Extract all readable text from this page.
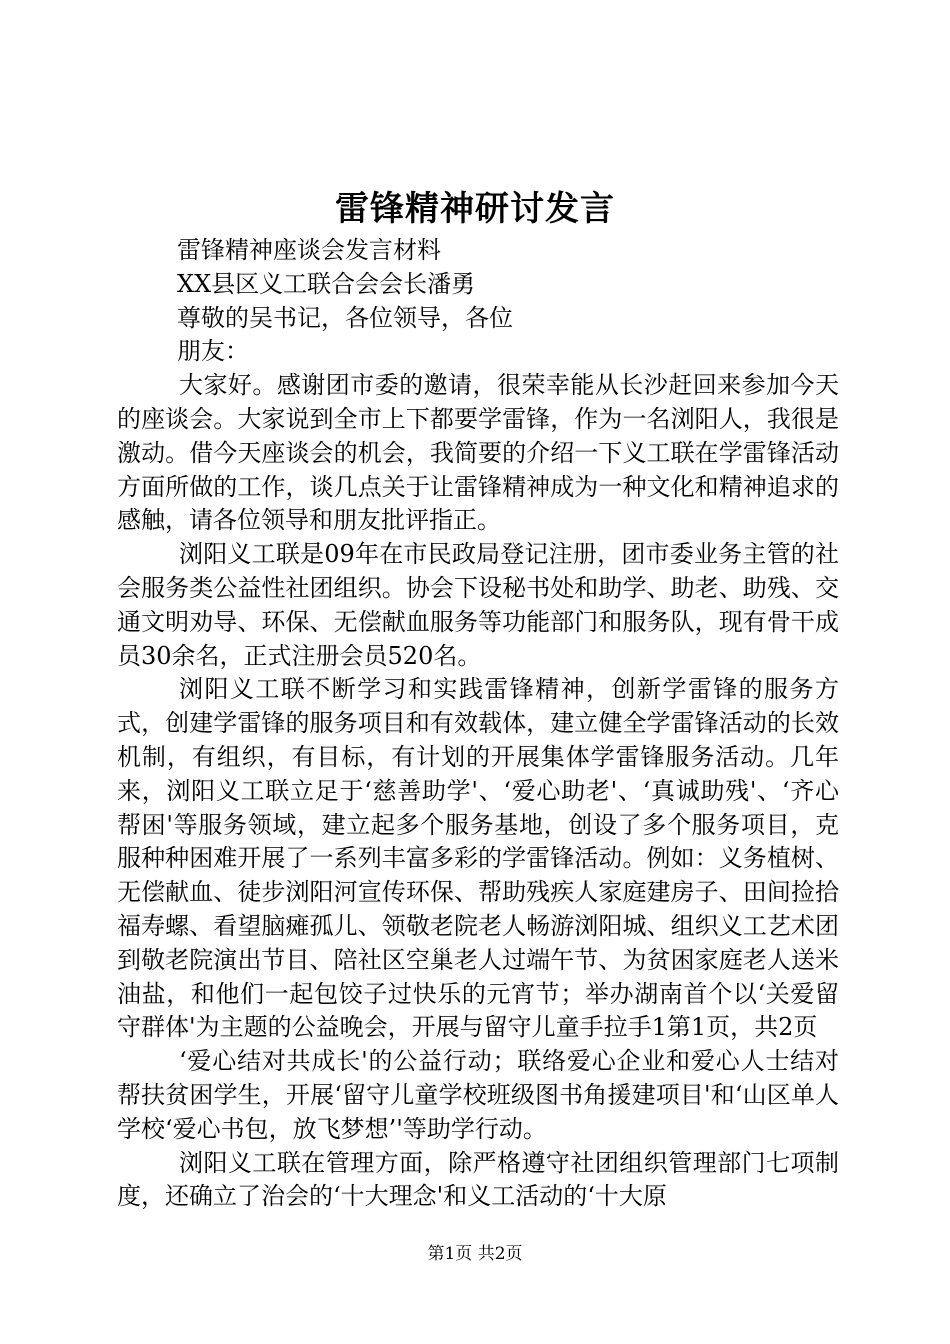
雷锋精神研讨发言

雷锋精神座谈会发言材料

XX县区义工联合会会长潘勇

尊敬的吴书记，各位领导，各位

朋友：

大家好。感谢团市委的邀请，很荣幸能从长沙赶回来参加今天的座谈会。大家说到全市上下都要学雷锋，作为一名浏阳人，我很是激动。借今天座谈会的机会，我简要的介绍一下义工联在学雷锋活动方面所做的工作，谈几点关于让雷锋精神成为一种文化和精神追求的感触，请各位领导和朋友批评指正。

浏阳义工联是09年在市民政局登记注册，团市委业务主管的社会服务类公益性社团组织。协会下设秘书处和助学、助老、助残、交通文明劝导、环保、无偿献血服务等功能部门和服务队，现有骨干成员30余名，正式注册会员520名。

浏阳义工联不断学习和实践雷锋精神，创新学雷锋的服务方式，创建学雷锋的服务项目和有效载体，建立健全学雷锋活动的长效机制，有组织，有目标，有计划的开展集体学雷锋服务活动。几年来，浏阳义工联立足于‘慈善助学'、‘爱心助老'、‘真诚助残'、‘齐心帮困'等服务领域，建立起多个服务基地，创设了多个服务项目，克服种种困难开展了一系列丰富多彩的学雷锋活动。例如：义务植树、无偿献血、徒步浏阳河宣传环保、帮助残疾人家庭建房子、田间捡拾福寿螺、看望脑瘫孤儿、领敬老院老人畅游浏阳城、组织义工艺术团到敬老院演出节目、陪社区空巢老人过端午节、为贫困家庭老人送米油盐，和他们一起包饺子过快乐的元宵节；举办湖南首个以‘关爱留守群体'为主题的公益晚会，开展与留守儿童手拉手1第1页，共2页

‘爱心结对共成长'的公益行动；联络爱心企业和爱心人士结对帮扶贫困学生，开展‘留守儿童学校班级图书角援建项目'和‘山区单人学校‘爱心书包，放飞梦想’'等助学行动。

浏阳义工联在管理方面，除严格遵守社团组织管理部门七项制度，还确立了治会的‘十大理念'和义工活动的‘十大原

第1页 共2页
